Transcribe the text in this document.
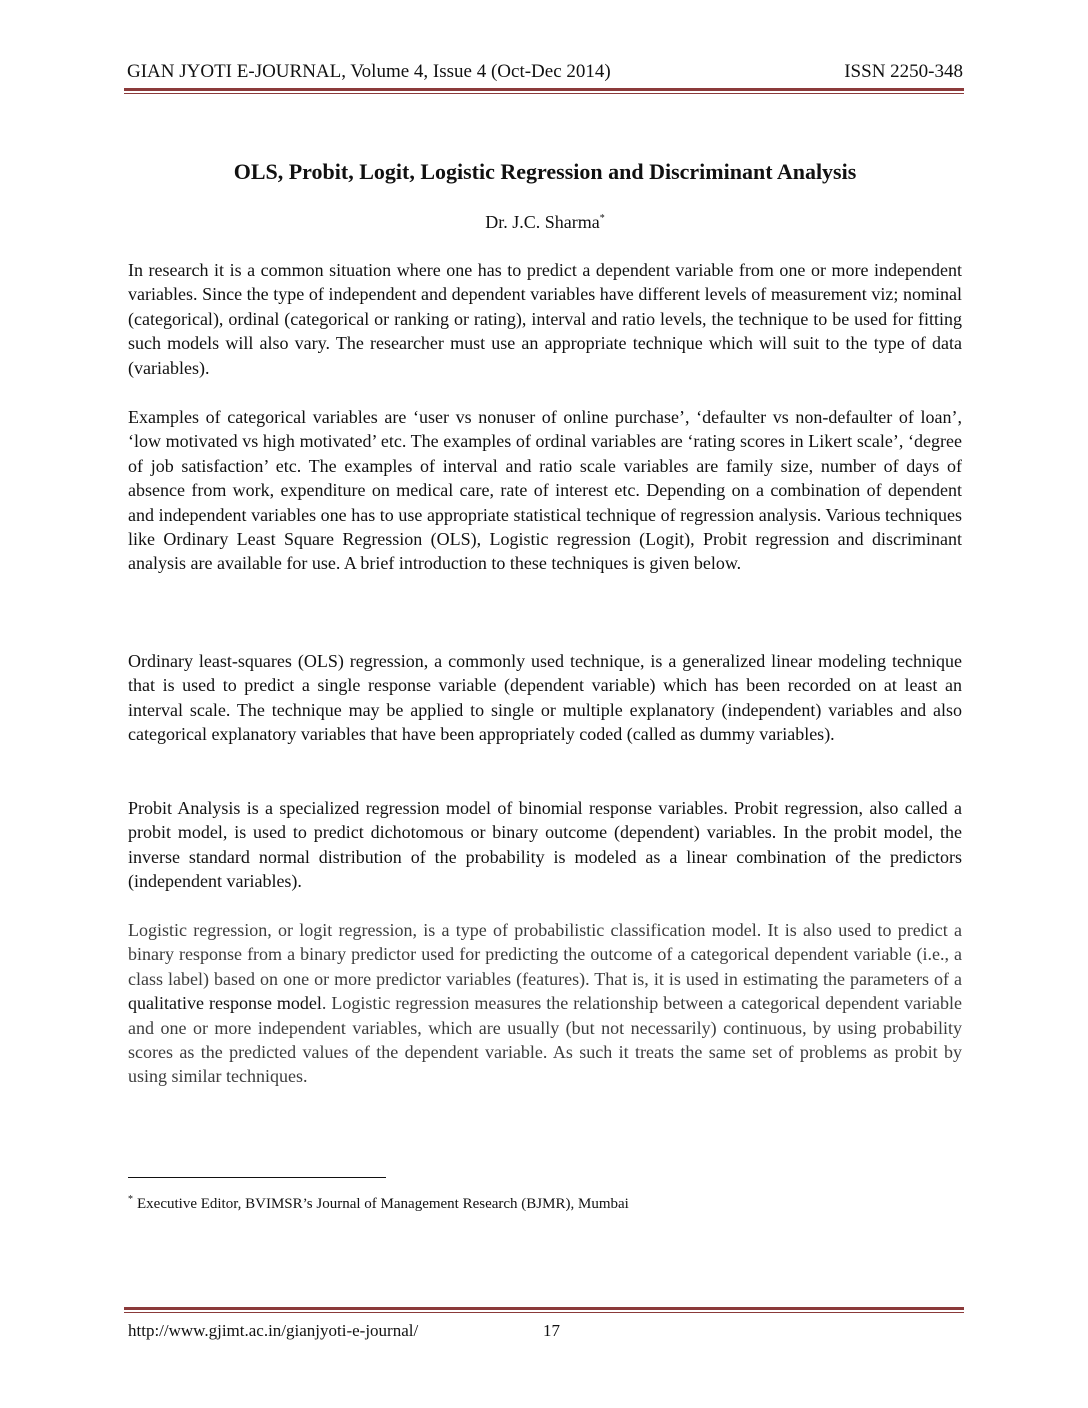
GIAN JYOTI E-JOURNAL, Volume 4, Issue 4 (Oct-Dec 2014)	ISSN 2250-348
OLS, Probit, Logit, Logistic Regression and Discriminant Analysis
Dr. J.C. Sharma*

In research it is a common situation where one has to predict a dependent variable from one or more independent variables. Since the type of independent and dependent variables have different levels of measurement viz; nominal (categorical), ordinal (categorical or ranking or rating), interval and ratio levels, the technique to be used for fitting such models will also vary. The researcher must use an appropriate technique which will suit to the type of data (variables).

Examples of categorical variables are ‘user vs nonuser of online purchase’, ‘defaulter vs non-defaulter of loan’, ‘low motivated vs high motivated’ etc. The examples of ordinal variables are ‘rating scores in Likert scale’, ‘degree of job satisfaction’ etc. The examples of interval and ratio scale variables are family size, number of days of absence from work, expenditure on medical care, rate of interest etc. Depending on a combination of dependent and independent variables one has to use appropriate statistical technique of regression analysis. Various techniques like Ordinary Least Square Regression (OLS), Logistic regression (Logit), Probit regression and discriminant analysis are available for use. A brief introduction to these techniques is given below.

Ordinary least-squares (OLS) regression, a commonly used technique, is a generalized linear modeling technique that is used to predict a single response variable (dependent variable) which has been recorded on at least an interval scale. The technique may be applied to single or multiple explanatory (independent) variables and also categorical explanatory variables that have been appropriately coded (called as dummy variables).

Probit Analysis is a specialized regression model of binomial response variables. Probit regression, also called a probit model, is used to predict dichotomous or binary outcome (dependent) variables. In the probit model, the inverse standard normal distribution of the probability is modeled as a linear combination of the predictors (independent variables).

Logistic regression, or logit regression, is a type of probabilistic classification model. It is also used to predict a binary response from a binary predictor used for predicting the outcome of a categorical dependent variable (i.e., a class label) based on one or more predictor variables (features). That is, it is used in estimating the parameters of a qualitative response model. Logistic regression measures the relationship between a categorical dependent variable and one or more independent variables, which are usually (but not necessarily) continuous, by using probability scores as the predicted values of the dependent variable. As such it treats the same set of problems as probit by using similar techniques.

* Executive Editor, BVIMSR’s Journal of Management Research (BJMR), Mumbai
http://www.gjimt.ac.in/gianjyoti-e-journal/	17
